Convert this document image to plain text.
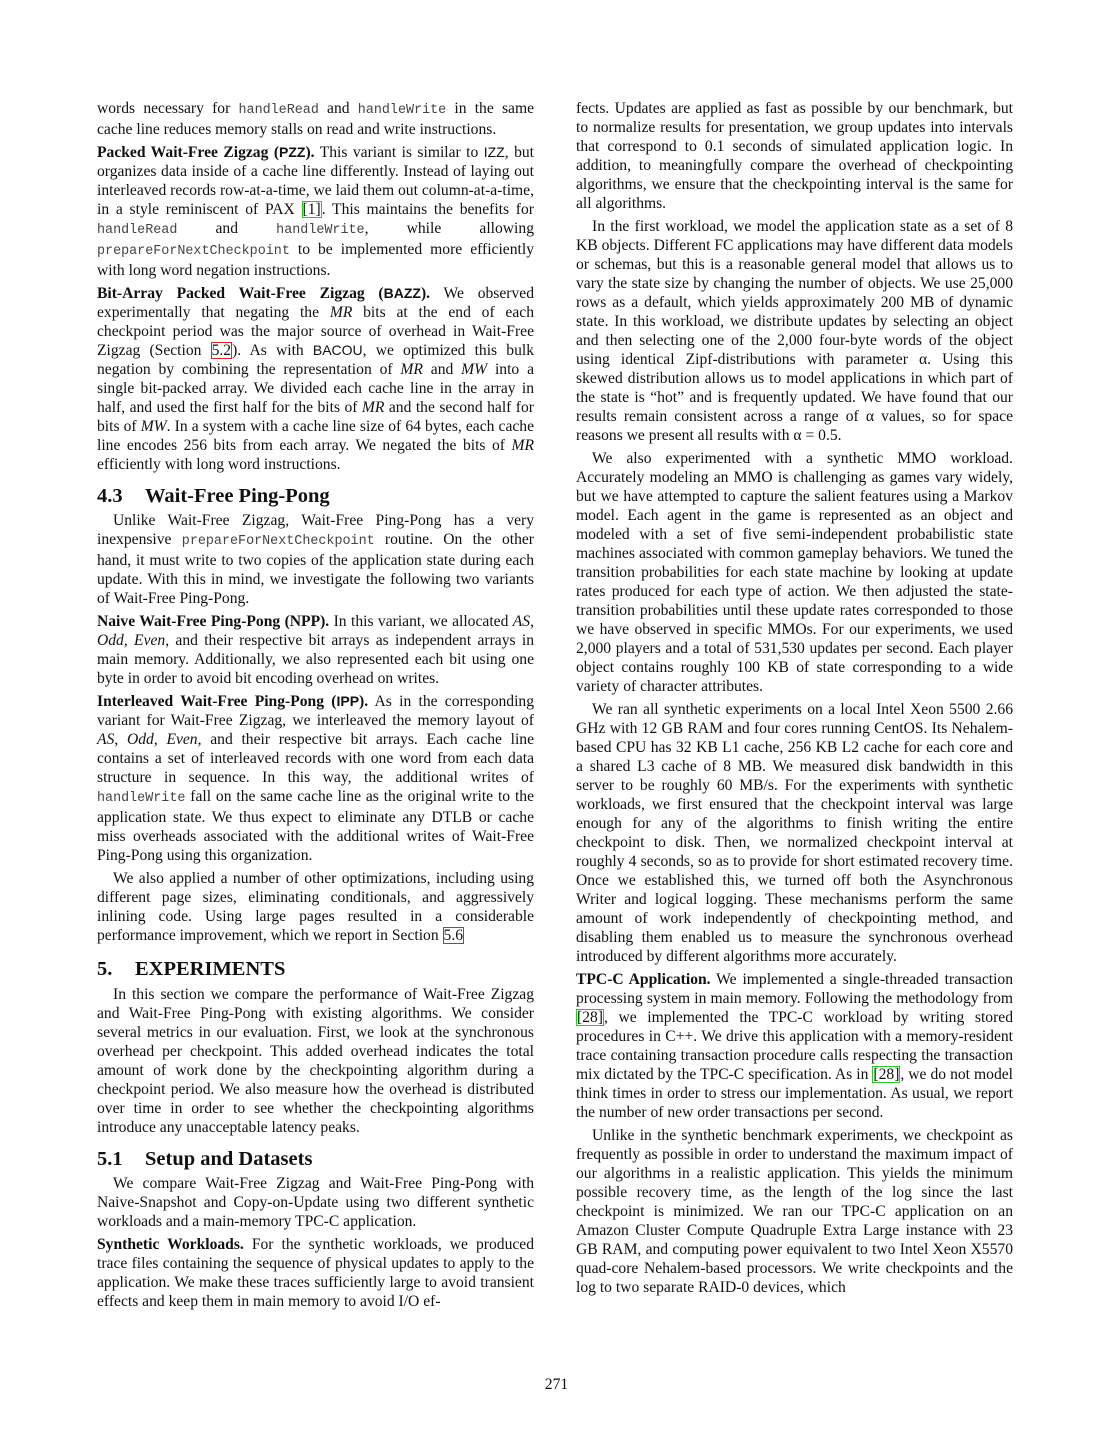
words necessary for handleRead and handleWrite in the same cache line reduces memory stalls on read and write instructions.

Packed Wait-Free Zigzag (PZZ). This variant is similar to IZZ, but organizes data inside of a cache line differently. Instead of laying out interleaved records row-at-a-time, we laid them out column-at-a-time, in a style reminiscent of PAX [1]. This maintains the benefits for handleRead and handleWrite, while allowing prepareForNextCheckpoint to be implemented more efficiently with long word negation instructions.

Bit-Array Packed Wait-Free Zigzag (BAZZ). We observed experimentally that negating the MR bits at the end of each checkpoint period was the major source of overhead in Wait-Free Zigzag (Section 5.2). As with BACOU, we optimized this bulk negation by combining the representation of MR and MW into a single bit-packed array. We divided each cache line in the array in half, and used the first half for the bits of MR and the second half for bits of MW. In a system with a cache line size of 64 bytes, each cache line encodes 256 bits from each array. We negated the bits of MR efficiently with long word instructions.

4.3 Wait-Free Ping-Pong

Unlike Wait-Free Zigzag, Wait-Free Ping-Pong has a very inexpensive prepareForNextCheckpoint routine. On the other hand, it must write to two copies of the application state during each update. With this in mind, we investigate the following two variants of Wait-Free Ping-Pong.

Naive Wait-Free Ping-Pong (NPP). In this variant, we allocated AS, Odd, Even, and their respective bit arrays as independent arrays in main memory. Additionally, we also represented each bit using one byte in order to avoid bit encoding overhead on writes.

Interleaved Wait-Free Ping-Pong (IPP). As in the corresponding variant for Wait-Free Zigzag, we interleaved the memory layout of AS, Odd, Even, and their respective bit arrays. Each cache line contains a set of interleaved records with one word from each data structure in sequence. In this way, the additional writes of handleWrite fall on the same cache line as the original write to the application state. We thus expect to eliminate any DTLB or cache miss overheads associated with the additional writes of Wait-Free Ping-Pong using this organization.

We also applied a number of other optimizations, including using different page sizes, eliminating conditionals, and aggressively inlining code. Using large pages resulted in a considerable performance improvement, which we report in Section 5.6

5. EXPERIMENTS

In this section we compare the performance of Wait-Free Zigzag and Wait-Free Ping-Pong with existing algorithms. We consider several metrics in our evaluation. First, we look at the synchronous overhead per checkpoint. This added overhead indicates the total amount of work done by the checkpointing algorithm during a checkpoint period. We also measure how the overhead is distributed over time in order to see whether the checkpointing algorithms introduce any unacceptable latency peaks.

5.1 Setup and Datasets

We compare Wait-Free Zigzag and Wait-Free Ping-Pong with Naive-Snapshot and Copy-on-Update using two different synthetic workloads and a main-memory TPC-C application.

Synthetic Workloads. For the synthetic workloads, we produced trace files containing the sequence of physical updates to apply to the application. We make these traces sufficiently large to avoid transient effects and keep them in main memory to avoid I/O ef-

fects. Updates are applied as fast as possible by our benchmark, but to normalize results for presentation, we group updates into intervals that correspond to 0.1 seconds of simulated application logic. In addition, to meaningfully compare the overhead of checkpointing algorithms, we ensure that the checkpointing interval is the same for all algorithms.

In the first workload, we model the application state as a set of 8 KB objects. Different FC applications may have different data models or schemas, but this is a reasonable general model that allows us to vary the state size by changing the number of objects. We use 25,000 rows as a default, which yields approximately 200 MB of dynamic state. In this workload, we distribute updates by selecting an object and then selecting one of the 2,000 four-byte words of the object using identical Zipf-distributions with parameter α. Using this skewed distribution allows us to model applications in which part of the state is “hot” and is frequently updated. We have found that our results remain consistent across a range of α values, so for space reasons we present all results with α = 0.5.

We also experimented with a synthetic MMO workload. Accurately modeling an MMO is challenging as games vary widely, but we have attempted to capture the salient features using a Markov model. Each agent in the game is represented as an object and modeled with a set of five semi-independent probabilistic state machines associated with common gameplay behaviors. We tuned the transition probabilities for each state machine by looking at update rates produced for each type of action. We then adjusted the state-transition probabilities until these update rates corresponded to those we have observed in specific MMOs. For our experiments, we used 2,000 players and a total of 531,530 updates per second. Each player object contains roughly 100 KB of state corresponding to a wide variety of character attributes.

We ran all synthetic experiments on a local Intel Xeon 5500 2.66 GHz with 12 GB RAM and four cores running CentOS. Its Nehalem-based CPU has 32 KB L1 cache, 256 KB L2 cache for each core and a shared L3 cache of 8 MB. We measured disk bandwidth in this server to be roughly 60 MB/s. For the experiments with synthetic workloads, we first ensured that the checkpoint interval was large enough for any of the algorithms to finish writing the entire checkpoint to disk. Then, we normalized checkpoint interval at roughly 4 seconds, so as to provide for short estimated recovery time. Once we established this, we turned off both the Asynchronous Writer and logical logging. These mechanisms perform the same amount of work independently of checkpointing method, and disabling them enabled us to measure the synchronous overhead introduced by different algorithms more accurately.

TPC-C Application. We implemented a single-threaded transaction processing system in main memory. Following the methodology from [28], we implemented the TPC-C workload by writing stored procedures in C++. We drive this application with a memory-resident trace containing transaction procedure calls respecting the transaction mix dictated by the TPC-C specification. As in [28], we do not model think times in order to stress our implementation. As usual, we report the number of new order transactions per second.

Unlike in the synthetic benchmark experiments, we checkpoint as frequently as possible in order to understand the maximum impact of our algorithms in a realistic application. This yields the minimum possible recovery time, as the length of the log since the last checkpoint is minimized. We ran our TPC-C application on an Amazon Cluster Compute Quadruple Extra Large instance with 23 GB RAM, and computing power equivalent to two Intel Xeon X5570 quad-core Nehalem-based processors. We write checkpoints and the log to two separate RAID-0 devices, which

271
